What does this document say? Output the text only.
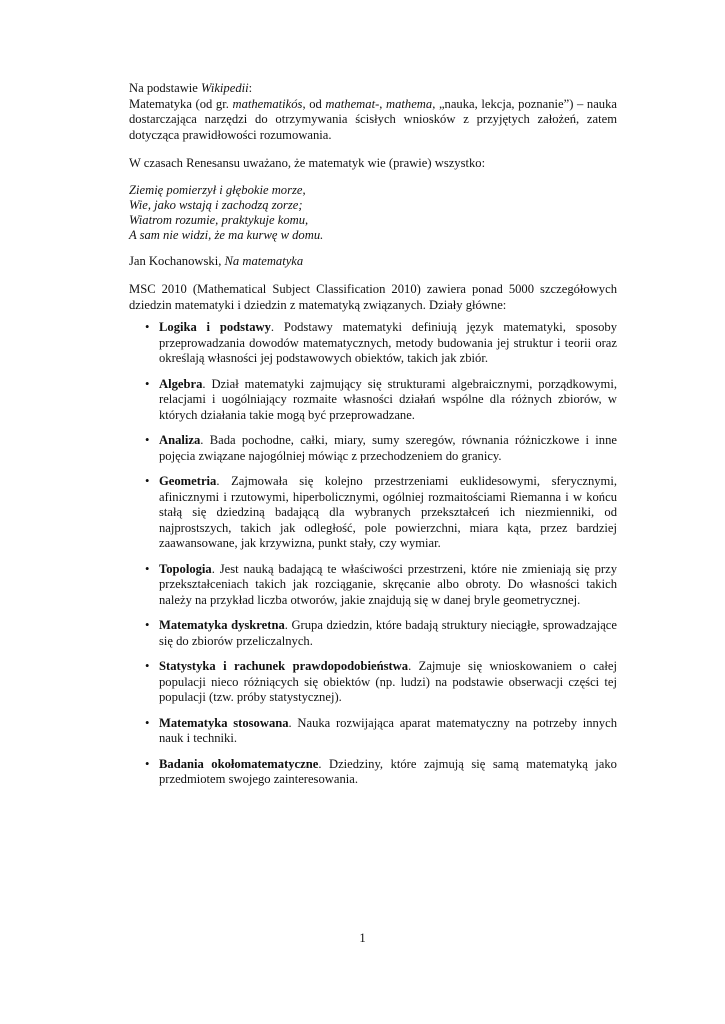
Na podstawie Wikipedii:

Matematyka (od gr. mathematikós, od mathemat-, mathema, „nauka, lekcja, poznanie”) – nauka dostarczająca narzędzi do otrzymywania ścisłych wniosków z przyjętych założeń, zatem dotycząca prawidłowości rozumowania.

W czasach Renesansu uważano, że matematyk wie (prawie) wszystko:

Ziemię pomierzył i głębokie morze,
Wie, jako wstają i zachodzą zorze;
Wiatrom rozumie, praktykuje komu,
A sam nie widzi, że ma kurwę w domu.

Jan Kochanowski, Na matematyka

MSC 2010 (Mathematical Subject Classification 2010) zawiera ponad 5000 szczegółowych dziedzin matematyki i dziedzin z matematyką związanych. Działy główne:

• Logika i podstawy. Podstawy matematyki definiują język matematyki, sposoby przeprowadzania dowodów matematycznych, metody budowania jej struktur i teorii oraz określają własności jej podstawowych obiektów, takich jak zbiór.
• Algebra. Dział matematyki zajmujący się strukturami algebraicznymi, porządkowymi, relacjami i uogólniający rozmaite własności działań wspólne dla różnych zbiorów, w których działania takie mogą być przeprowadzane.
• Analiza. Bada pochodne, całki, miary, sumy szeregów, równania różniczkowe i inne pojęcia związane najogólniej mówiąc z przechodzeniem do granicy.
• Geometria. Zajmowała się kolejno przestrzeniami euklidesowymi, sferycznymi, afinicznymi i rzutowymi, hiperbolicznymi, ogólniej rozmaitościami Riemanna i w końcu stałą się dziedziną badającą dla wybranych przekształceń ich niezmienniki, od najprostszych, takich jak odległość, pole powierzchni, miara kąta, przez bardziej zaawansowane, jak krzywizna, punkt stały, czy wymiar.
• Topologia. Jest nauką badającą te właściwości przestrzeni, które nie zmieniają się przy przekształceniach takich jak rozciąganie, skręcanie albo obroty. Do własności takich należy na przykład liczba otworów, jakie znajdują się w danej bryle geometrycznej.
• Matematyka dyskretna. Grupa dziedzin, które badają struktury nieciągłe, sprowadzające się do zbiorów przeliczalnych.
• Statystyka i rachunek prawdopodobieństwa. Zajmuje się wnioskowaniem o całej populacji nieco różniących się obiektów (np. ludzi) na podstawie obserwacji części tej populacji (tzw. próby statystycznej).
• Matematyka stosowana. Nauka rozwijająca aparat matematyczny na potrzeby innych nauk i techniki.
• Badania okołomatematyczne. Dziedziny, które zajmują się samą matematyką jako przedmiotem swojego zainteresowania.
1
